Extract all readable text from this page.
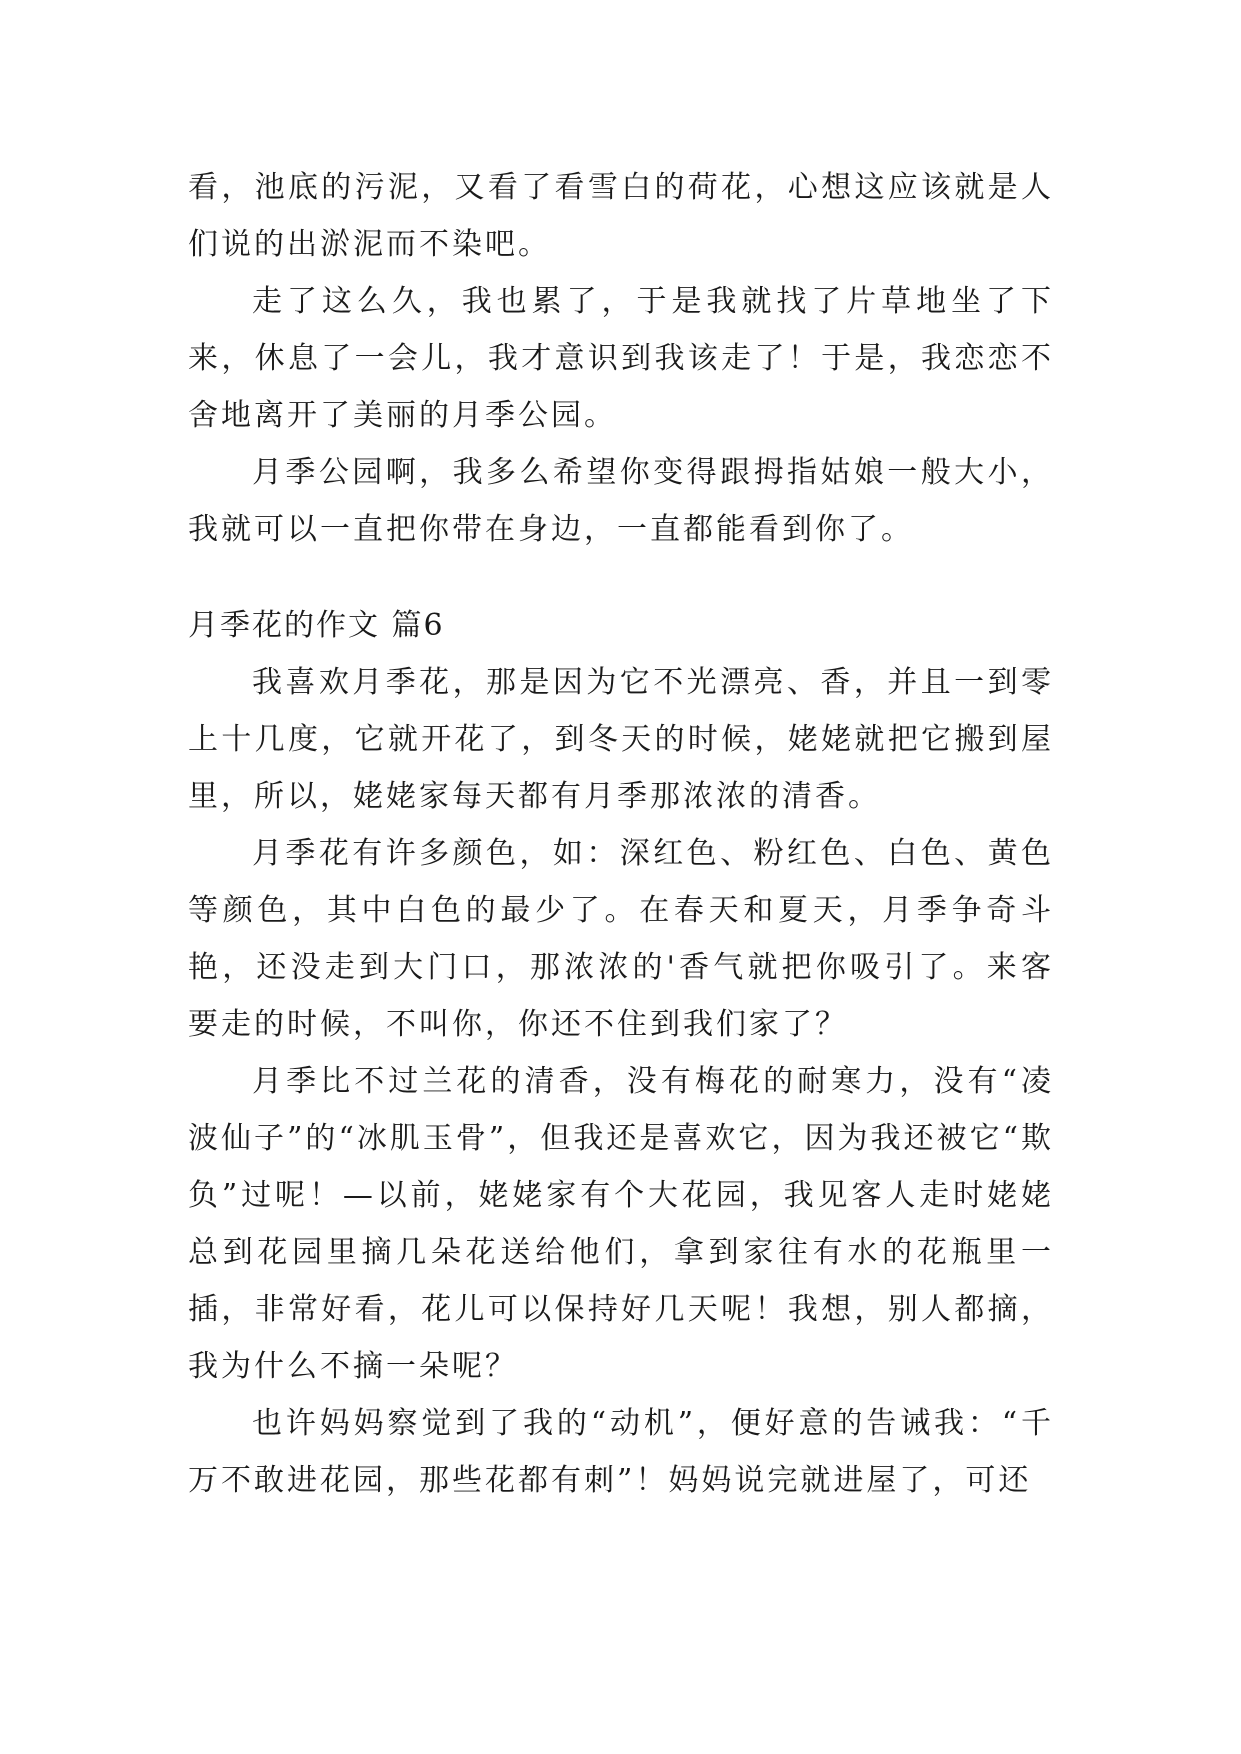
看，池底的污泥，又看了看雪白的荷花，心想这应该就是人们说的出淤泥而不染吧。

走了这么久，我也累了，于是我就找了片草地坐了下来，休息了一会儿，我才意识到我该走了！于是，我恋恋不舍地离开了美丽的月季公园。

月季公园啊，我多么希望你变得跟拇指姑娘一般大小，我就可以一直把你带在身边，一直都能看到你了。

月季花的作文 篇6

我喜欢月季花，那是因为它不光漂亮、香，并且一到零上十几度，它就开花了，到冬天的时候，姥姥就把它搬到屋里，所以，姥姥家每天都有月季那浓浓的清香。

月季花有许多颜色，如：深红色、粉红色、白色、黄色等颜色，其中白色的最少了。在春天和夏天，月季争奇斗艳，还没走到大门口，那浓浓的'香气就把你吸引了。来客要走的时候，不叫你，你还不住到我们家了？

月季比不过兰花的清香，没有梅花的耐寒力，没有“凌波仙子”的“冰肌玉骨”，但我还是喜欢它，因为我还被它“欺负”过呢！—以前，姥姥家有个大花园，我见客人走时姥姥总到花园里摘几朵花送给他们，拿到家往有水的花瓶里一插，非常好看，花儿可以保持好几天呢！我想，别人都摘，我为什么不摘一朵呢？

也许妈妈察觉到了我的“动机”，便好意的告诫我：“千万不敢进花园，那些花都有刺”！妈妈说完就进屋了，可还
